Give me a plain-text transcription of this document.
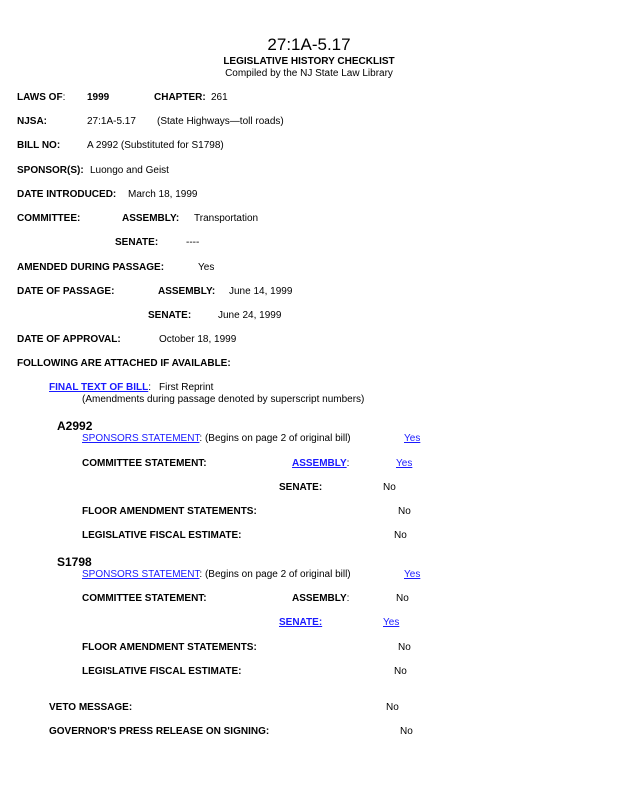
27:1A-5.17
LEGISLATIVE HISTORY CHECKLIST
Compiled by the NJ State Law Library
LAWS OF: 1999	CHAPTER: 261
NJSA:	27:1A-5.17 (State Highways—toll roads)
BILL NO:	A 2992 (Substituted for S1798)
SPONSOR(S): Luongo and Geist
DATE INTRODUCED: March 18, 1999
COMMITTEE:	ASSEMBLY: Transportation
SENATE:	----
AMENDED DURING PASSAGE:	Yes
DATE OF PASSAGE:	ASSEMBLY: June 14, 1999
SENATE:	June 24, 1999
DATE OF APPROVAL:	October 18, 1999
FOLLOWING ARE ATTACHED IF AVAILABLE:
FINAL TEXT OF BILL: First Reprint
(Amendments during passage denoted by superscript numbers)
A2992
SPONSORS STATEMENT: (Begins on page 2 of original bill)	Yes
COMMITTEE STATEMENT:	ASSEMBLY:	Yes
SENATE:	No
FLOOR AMENDMENT STATEMENTS:	No
LEGISLATIVE FISCAL ESTIMATE:	No
S1798
SPONSORS STATEMENT: (Begins on page 2 of original bill)	Yes
COMMITTEE STATEMENT:	ASSEMBLY:	No
SENATE:	Yes
FLOOR AMENDMENT STATEMENTS:	No
LEGISLATIVE FISCAL ESTIMATE:	No
VETO MESSAGE:	No
GOVERNOR'S PRESS RELEASE ON SIGNING:	No
